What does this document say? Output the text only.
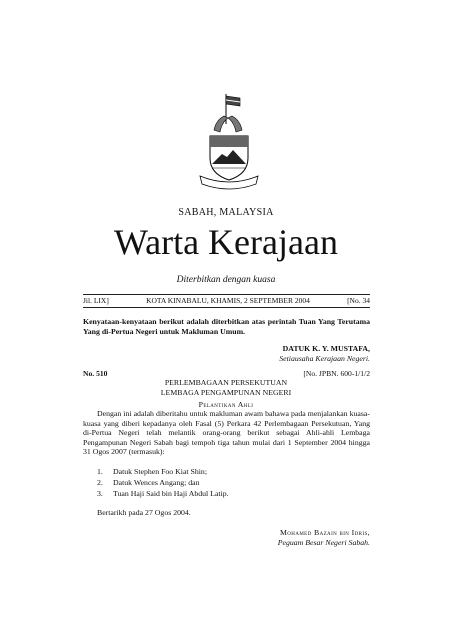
SABAH, MALAYSIA
Warta Kerajaan
Diterbitkan dengan kuasa
Jil. LIX]	KOTA KINABALU, KHAMIS, 2 SEPTEMBER 2004	[No. 34
Kenyataan-kenyataan berikut adalah diterbitkan atas perintah Tuan Yang Terutama Yang di-Pertua Negeri untuk Makluman Umum.
DATUK K. Y. MUSTAFA,
Setiausaha Kerajaan Negeri.
No. 510	[No. JPBN. 600-1/1/2
PERLEMBAGAAN PERSEKUTUAN
LEMBAGA PENGAMPUNAN NEGERI
Pelantikan Ahli
Dengan ini adalah diberitahu untuk makluman awam bahawa pada menjalankan kuasa-kuasa yang diberi kepadanya oleh Fasal (5) Perkara 42 Perlembagaan Persekutuan, Yang di-Pertua Negeri telah melantik orang-orang berikut sebagai Ahli-ahli Lembaga Pengampunan Negeri Sabah bagi tempoh tiga tahun mulai dari 1 September 2004 hingga 31 Ogos 2007 (termasuk):
1. Datuk Stephen Foo Kiat Shin;
2. Datuk Wences Angang; dan
3. Tuan Haji Said bin Haji Abdul Latip.
Bertarikh pada 27 Ogos 2004.
Mohamed Bazain bin Idris,
Peguam Besar Negeri Sabah.
